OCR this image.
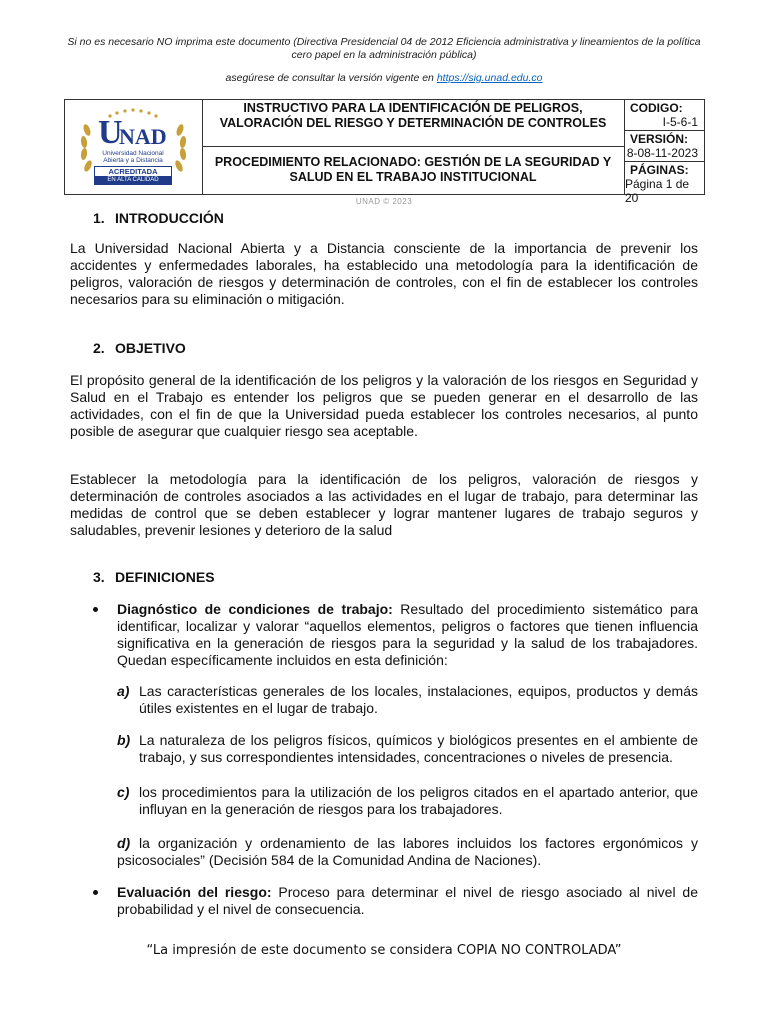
Si no es necesario NO imprima este documento (Directiva Presidencial 04 de 2012 Eficiencia administrativa y lineamientos de la política
cero papel en la administración pública)
asegúrese de consultar la versión vigente en https://sig.unad.edu.co
U
NAD
Universidad Nacional
Abierta y a Distancia
ACREDITADA
EN ALTA CALIDAD
INSTRUCTIVO PARA LA IDENTIFICACIÓN DE PELIGROS, VALORACIÓN DEL RIESGO Y DETERMINACIÓN DE CONTROLES
PROCEDIMIENTO RELACIONADO: GESTIÓN DE LA SEGURIDAD Y SALUD EN EL TRABAJO INSTITUCIONAL
CODIGO:
I-5-6-1
VERSIÓN:
8-08-11-2023
PÁGINAS:
Página 1 de 20
UNAD © 2023
1. INTRODUCCIÓN
La Universidad Nacional Abierta y a Distancia consciente de la importancia de prevenir los accidentes y enfermedades laborales, ha establecido una metodología para la identificación de peligros, valoración de riesgos y determinación de controles, con el fin de establecer los controles necesarios para su eliminación o mitigación.
2. OBJETIVO
El propósito general de la identificación de los peligros y la valoración de los riesgos en Seguridad y Salud en el Trabajo es entender los peligros que se pueden generar en el desarrollo de las actividades, con el fin de que la Universidad pueda establecer los controles necesarios, al punto posible de asegurar que cualquier riesgo sea aceptable.
Establecer la metodología para la identificación de los peligros, valoración de riesgos y determinación de controles asociados a las actividades en el lugar de trabajo, para determinar las medidas de control que se deben establecer y lograr mantener lugares de trabajo seguros y saludables, prevenir lesiones y deterioro de la salud
3. DEFINICIONES
Diagnóstico de condiciones de trabajo: Resultado del procedimiento sistemático para identificar, localizar y valorar “aquellos elementos, peligros o factores que tienen influencia significativa en la generación de riesgos para la seguridad y la salud de los trabajadores. Quedan específicamente incluidos en esta definición:
a) Las características generales de los locales, instalaciones, equipos, productos y demás útiles existentes en el lugar de trabajo.
b) La naturaleza de los peligros físicos, químicos y biológicos presentes en el ambiente de trabajo, y sus correspondientes intensidades, concentraciones o niveles de presencia.
c) los procedimientos para la utilización de los peligros citados en el apartado anterior, que influyan en la generación de riesgos para los trabajadores.
d) la organización y ordenamiento de las labores incluidos los factores ergonómicos y psicosociales” (Decisión 584 de la Comunidad Andina de Naciones).
Evaluación del riesgo: Proceso para determinar el nivel de riesgo asociado al nivel de probabilidad y el nivel de consecuencia.
“La impresión de este documento se considera COPIA NO CONTROLADA”
